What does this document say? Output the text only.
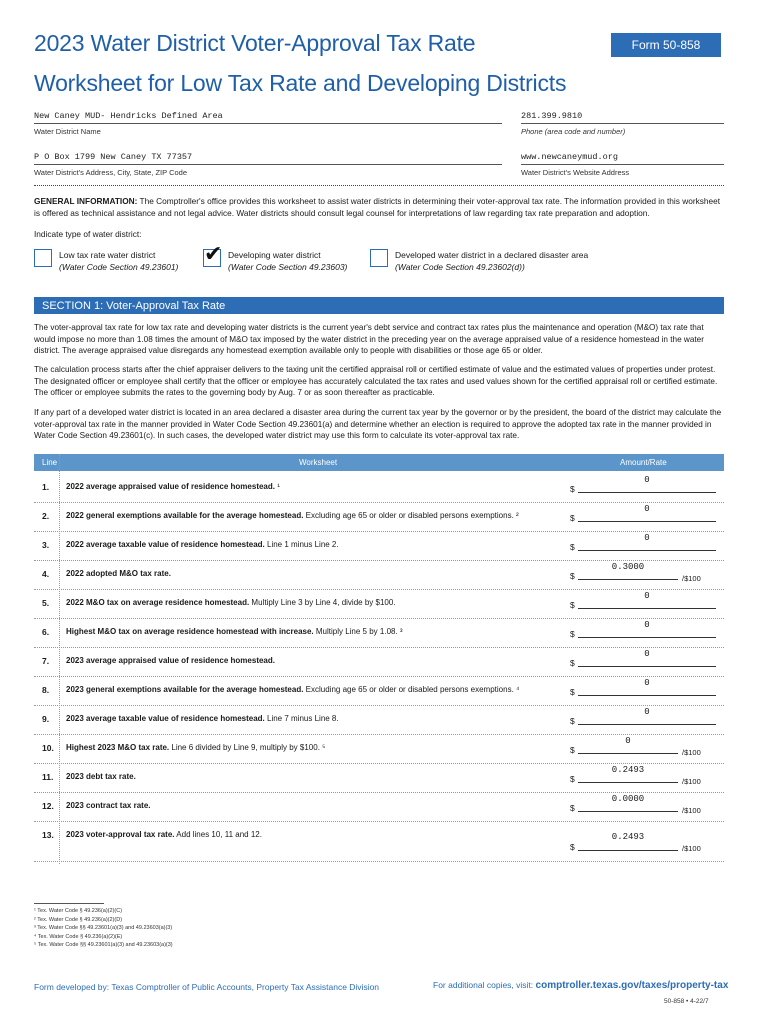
2023 Water District Voter-Approval Tax Rate
Worksheet for Low Tax Rate and Developing Districts
Form 50-858
New Caney MUD- Hendricks Defined Area
Water District Name
281.399.9810
Phone (area code and number)
P O Box 1799 New Caney TX 77357
Water District's Address, City, State, ZIP Code
www.newcaneymud.org
Water District's Website Address
GENERAL INFORMATION: The Comptroller's office provides this worksheet to assist water districts in determining their voter-approval tax rate. The information provided in this worksheet is offered as technical assistance and not legal advice. Water districts should consult legal counsel for interpretations of law regarding tax rate preparation and adoption.
Indicate type of water district:
Low tax rate water district
(Water Code Section 49.23601) ✔ Developing water district
(Water Code Section 49.23603)
Developed water district in a declared disaster area
(Water Code Section 49.23602(d))
SECTION 1: Voter-Approval Tax Rate
The voter-approval tax rate for low tax rate and developing water districts is the current year's debt service and contract tax rates plus the maintenance and operation (M&O) tax rate that would impose no more than 1.08 times the amount of M&O tax imposed by the water district in the preceding year on the average appraised value of a residence homestead in the water district. The average appraised value disregards any homestead exemption available only to people with disabilities or those age 65 or older.
The calculation process starts after the chief appraiser delivers to the taxing unit the certified appraisal roll or certified estimate of value and the estimated values of properties under protest. The designated officer or employee shall certify that the officer or employee has accurately calculated the tax rates and used values shown for the certified appraisal roll or certified estimate. The officer or employee submits the rates to the governing body by Aug. 7 or as soon thereafter as practicable.
If any part of a developed water district is located in an area declared a disaster area during the current tax year by the governor or by the president, the board of the district may calculate the voter-approval tax rate in the manner provided in Water Code Section 49.23601(a) and determine whether an election is required to approve the adopted tax rate in the manner provided in Water Code Section 49.23601(c). In such cases, the developed water district may use this form to calculate its voter-approval tax rate.
Line	Worksheet	Amount/Rate
1. 2022 average appraised value of residence homestead. ¹	$
0
2. 2022 general exemptions available for the average homestead. Excluding age 65 or older or disabled persons exemptions. ²	$
0
3. 2022 average taxable value of residence homestead. Line 1 minus Line 2.	$
0
4. 2022 adopted M&O tax rate.	$
0.3000
/$100
5. 2022 M&O tax on average residence homestead. Multiply Line 3 by Line 4, divide by $100.	$
0
6. Highest M&O tax on average residence homestead with increase. Multiply Line 5 by 1.08. ³	$
0
7. 2023 average appraised value of residence homestead.	$
0
8. 2023 general exemptions available for the average homestead. Excluding age 65 or older or disabled persons exemptions. ⁴	$
0
9. 2023 average taxable value of residence homestead. Line 7 minus Line 8.	$
0
10. Highest 2023 M&O tax rate. Line 6 divided by Line 9, multiply by $100. ⁵	$
0
/$100
11. 2023 debt tax rate.	$
0.2493
/$100
12. 2023 contract tax rate.	$
0.0000
/$100
13. 2023 voter-approval tax rate. Add lines 10, 11 and 12.
$
0.2493
/$100
¹ Tex. Water Code § 49.236(a)(2)(C)
² Tex. Water Code § 49.236(a)(2)(D)
³ Tex. Water Code §§ 49.23601(a)(3) and 49.23603(a)(3)
⁴ Tex. Water Code § 49.236(a)(2)(E)
⁵ Tex. Water Code §§ 49.23601(a)(3) and 49.23603(a)(3)
Form developed by: Texas Comptroller of Public Accounts, Property Tax Assistance Division	For additional copies, visit: comptroller.texas.gov/taxes/property-tax
50-858 • 4-22/7
